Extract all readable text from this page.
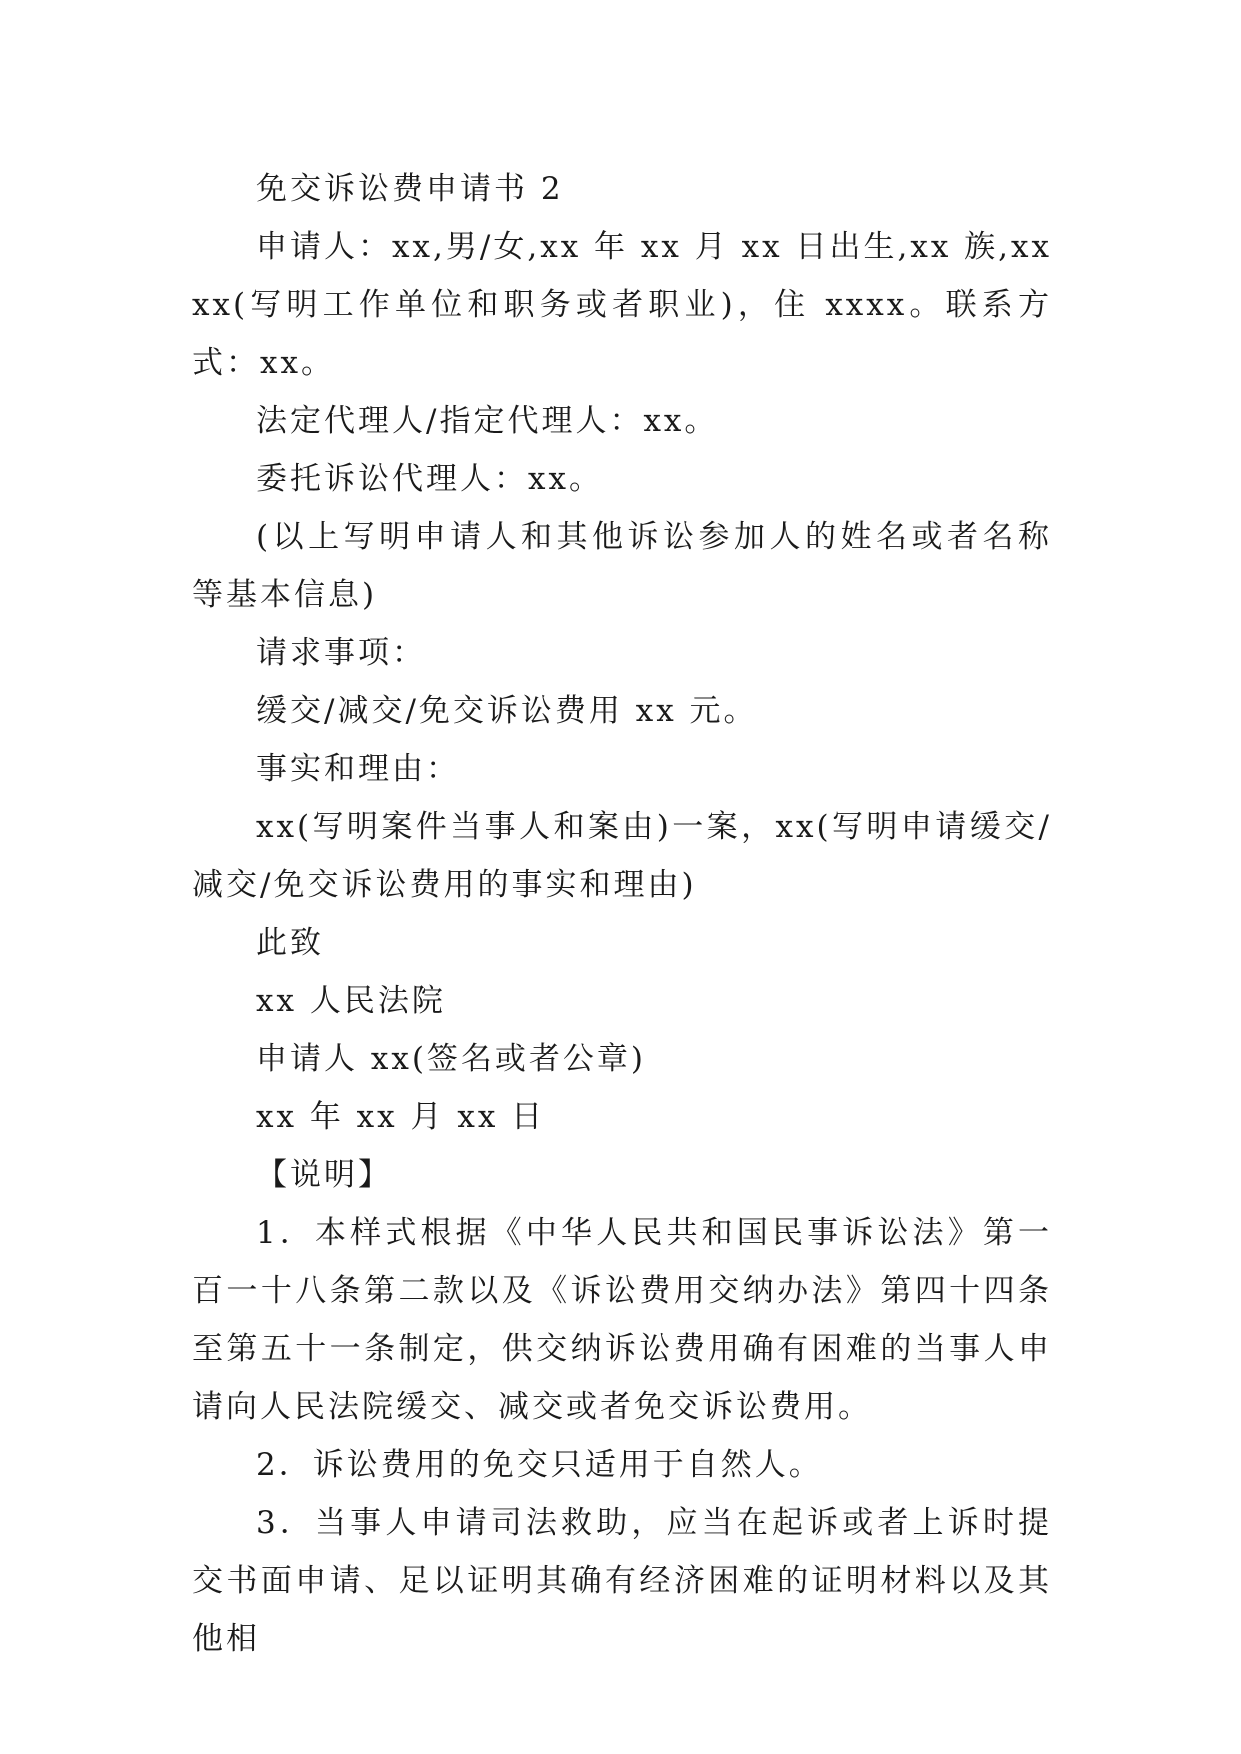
免交诉讼费申请书 2

申请人：xx,男/女,xx 年 xx 月 xx 日出生,xx 族,xxxx(写明工作单位和职务或者职业)，住 xxxx。联系方式：xx。

法定代理人/指定代理人：xx。

委托诉讼代理人：xx。

(以上写明申请人和其他诉讼参加人的姓名或者名称等基本信息)

请求事项：

缓交/减交/免交诉讼费用 xx 元。

事实和理由：

xx(写明案件当事人和案由)一案，xx(写明申请缓交/减交/免交诉讼费用的事实和理由)

此致

xx 人民法院

申请人 xx(签名或者公章)

xx 年 xx 月 xx 日

【说明】

1．本样式根据《中华人民共和国民事诉讼法》第一百一十八条第二款以及《诉讼费用交纳办法》第四十四条至第五十一条制定，供交纳诉讼费用确有困难的当事人申请向人民法院缓交、减交或者免交诉讼费用。

2．诉讼费用的免交只适用于自然人。

3．当事人申请司法救助，应当在起诉或者上诉时提交书面申请、足以证明其确有经济困难的证明材料以及其他相
